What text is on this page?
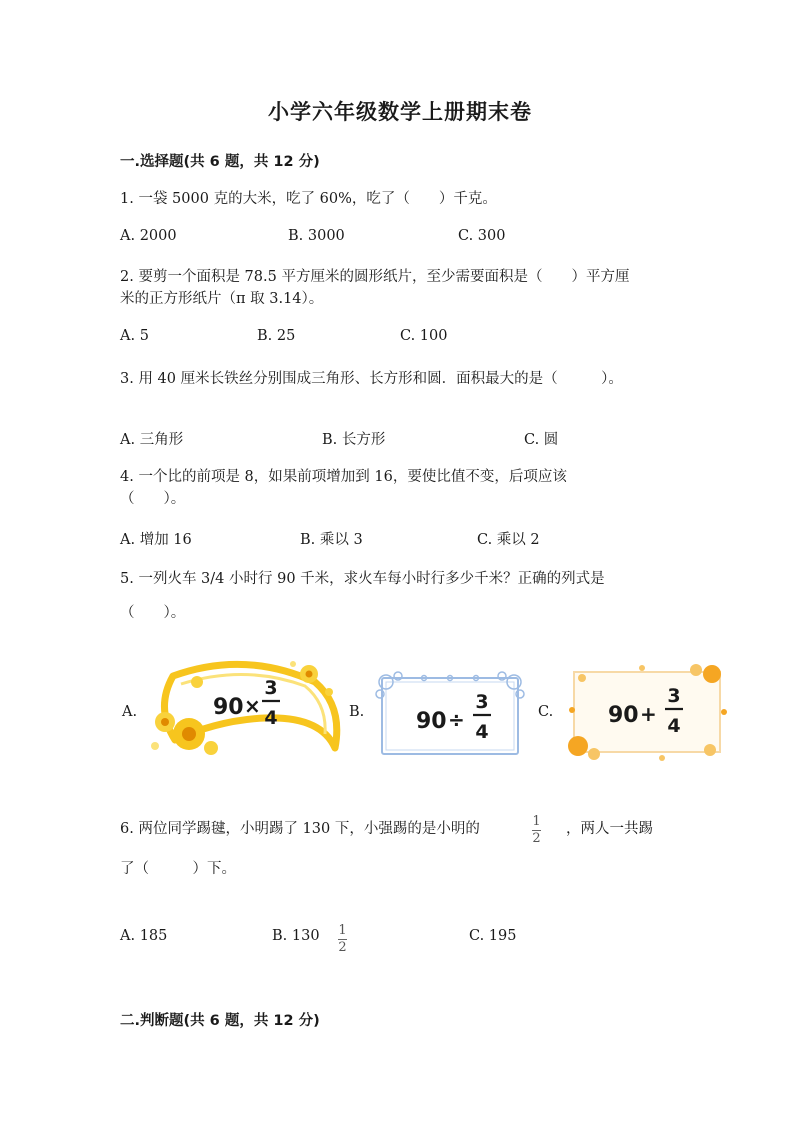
小学六年级数学上册期末卷
一.选择题(共 6 题，共 12 分)
1. 一袋 5000 克的大米，吃了 60%，吃了（　　）千克。
A. 2000	B. 3000	C. 300
2. 要剪一个面积是 78.5 平方厘米的圆形纸片，至少需要面积是（　　）平方厘
米的正方形纸片（π 取 3.14）。
A. 5	B. 25	C. 100
3. 用 40 厘米长铁丝分别围成三角形、长方形和圆．面积最大的是（　　　）。
A. 三角形	B. 长方形	C. 圆
4. 一个比的前项是 8，如果前项增加到 16，要使比值不变，后项应该
（　　）。
A. 增加 16	B. 乘以 3	C. 乘以 2
5. 一列火车 3/4 小时行 90 千米，求火车每小时行多少千米？正确的列式是
（　　）。
A.	90 ×
3
4	B. 90 ÷
3
4
C. 90 +
3
4
6. 两位同学踢毽，小明踢了 130 下，小强踢的是小明的	1
2
，两人一共踢
了（　　　）下。
A. 185	B. 130 1
2
C. 195
二.判断题(共 6 题，共 12 分)
